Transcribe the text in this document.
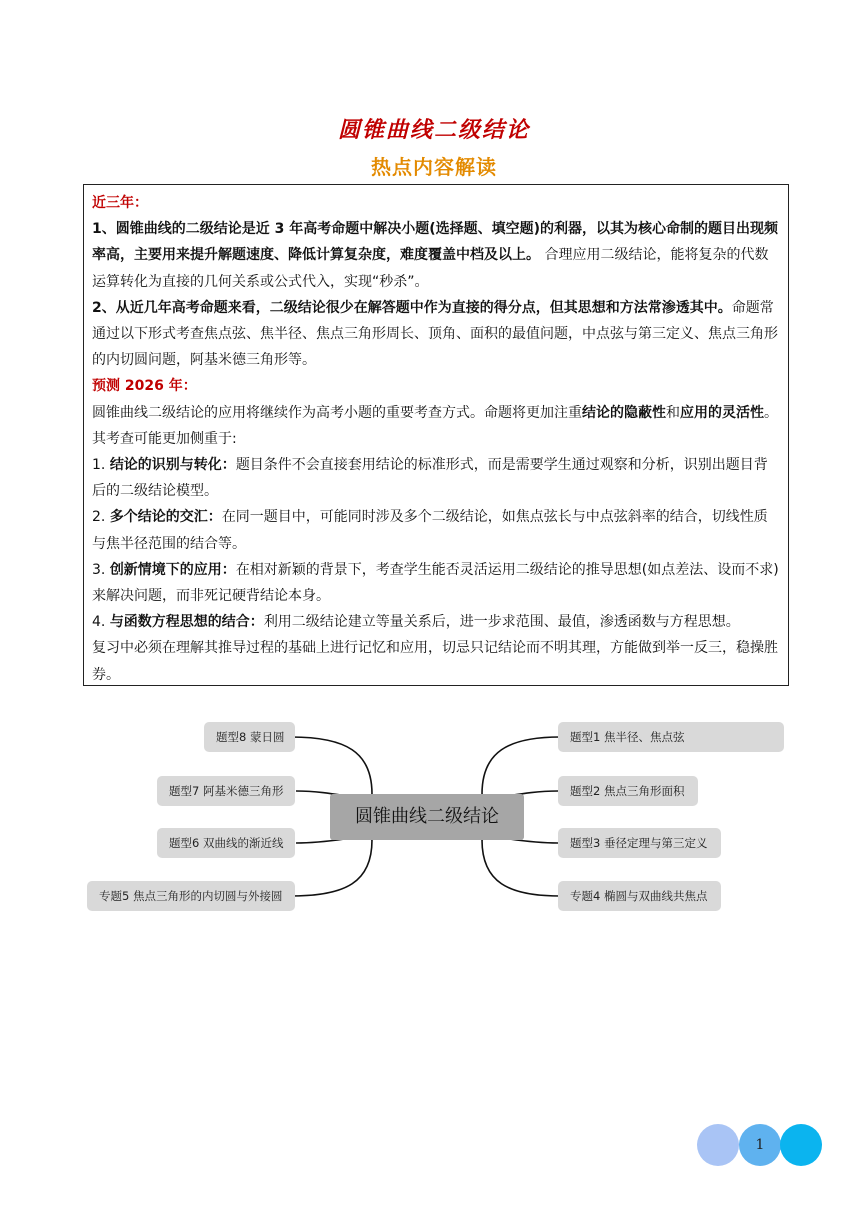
圆锥曲线二级结论
热点内容解读

近三年：

1、圆锥曲线的二级结论是近 3 年高考命题中解决小题(选择题、填空题)的利器，以其为核心命制的题目出现频率高，主要用来提升解题速度、降低计算复杂度，难度覆盖中档及以上。 合理应用二级结论，能将复杂的代数运算转化为直接的几何关系或公式代入，实现“秒杀”。

2、从近几年高考命题来看，二级结论很少在解答题中作为直接的得分点，但其思想和方法常渗透其中。命题常通过以下形式考查焦点弦、焦半径、焦点三角形周长、顶角、面积的最值问题，中点弦与第三定义、焦点三角形的内切圆问题，阿基米德三角形等。

预测 2026 年：

圆锥曲线二级结论的应用将继续作为高考小题的重要考查方式。命题将更加注重结论的隐蔽性和应用的灵活性。其考查可能更加侧重于:

1. 结论的识别与转化：题目条件不会直接套用结论的标准形式，而是需要学生通过观察和分析，识别出题目背后的二级结论模型。

2. 多个结论的交汇：在同一题目中，可能同时涉及多个二级结论，如焦点弦长与中点弦斜率的结合，切线性质与焦半径范围的结合等。

3. 创新情境下的应用：在相对新颖的背景下，考查学生能否灵活运用二级结论的推导思想(如点差法、设而不求)来解决问题，而非死记硬背结论本身。

4. 与函数方程思想的结合：利用二级结论建立等量关系后，进一步求范围、最值，渗透函数与方程思想。

复习中必须在理解其推导过程的基础上进行记忆和应用，切忌只记结论而不明其理，方能做到举一反三，稳操胜券。

题型8 蒙日圆
题型7 阿基米德三角形
题型6 双曲线的渐近线
专题5 焦点三角形的内切圆与外接圆
圆锥曲线二级结论
题型1 焦半径、焦点弦
题型2 焦点三角形面积
题型3 垂径定理与第三定义
专题4 椭圆与双曲线共焦点
1
